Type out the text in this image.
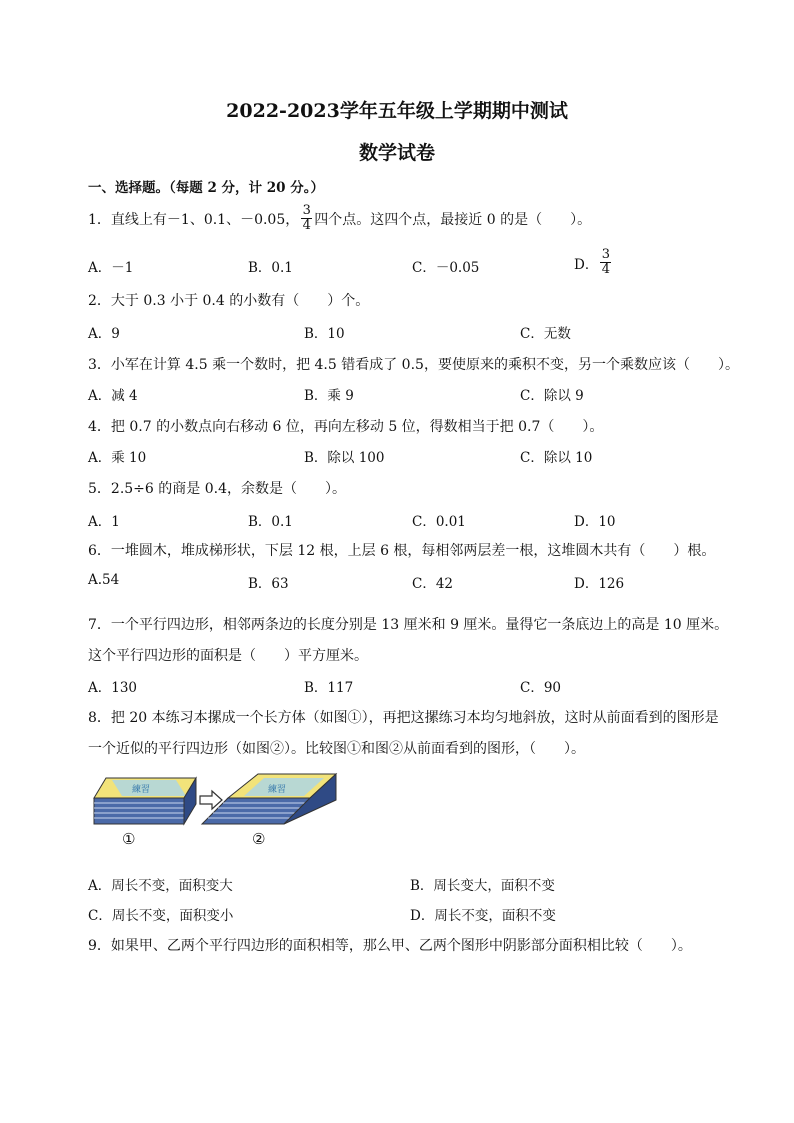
2022-2023学年五年级上学期期中测试
数学试卷
一、选择题。（每题 2 分，计 20 分。）
1．直线上有－1、0.1、－0.05， $\frac{3}{4}$ 四个点。这四个点，最接近 0 的是（　　）。
A．－1	B．0.1	C．－0.05	D． $\frac{3}{4}$
2．大于 0.3 小于 0.4 的小数有（　　）个。
A．9	B．10	C．无数
3．小军在计算 4.5 乘一个数时，把 4.5 错看成了 0.5，要使原来的乘积不变，另一个乘数应该（　　）。
A．减 4	B．乘 9	C．除以 9
4．把 0.7 的小数点向右移动 6 位，再向左移动 5 位，得数相当于把 0.7（　　）。
A．乘 10	B．除以 100	C．除以 10
5．2.5÷6 的商是 0.4，余数是（　　）。
A．1	B．0.1	C．0.01	D．10
6．一堆圆木，堆成梯形状，下层 12 根，上层 6 根，每相邻两层差一根，这堆圆木共有（　　）根。
A.54	B．63	C．42	D．126
7．一个平行四边形，相邻两条边的长度分别是 13 厘米和 9 厘米。量得它一条底边上的高是 10 厘米。
这个平行四边形的面积是（　　）平方厘米。
A．130	B．117	C．90
8．把 20 本练习本摞成一个长方体（如图①），再把这摞练习本均匀地斜放，这时从前面看到的图形是
一个近似的平行四边形（如图②）。比较图①和图②从前面看到的图形，（　　）。
練習	練習
①	②
A．周长不变，面积变大	B．周长变大，面积不变
C．周长不变，面积变小	D．周长不变，面积不变
9．如果甲、乙两个平行四边形的面积相等，那么甲、乙两个图形中阴影部分面积相比较（　　）。
